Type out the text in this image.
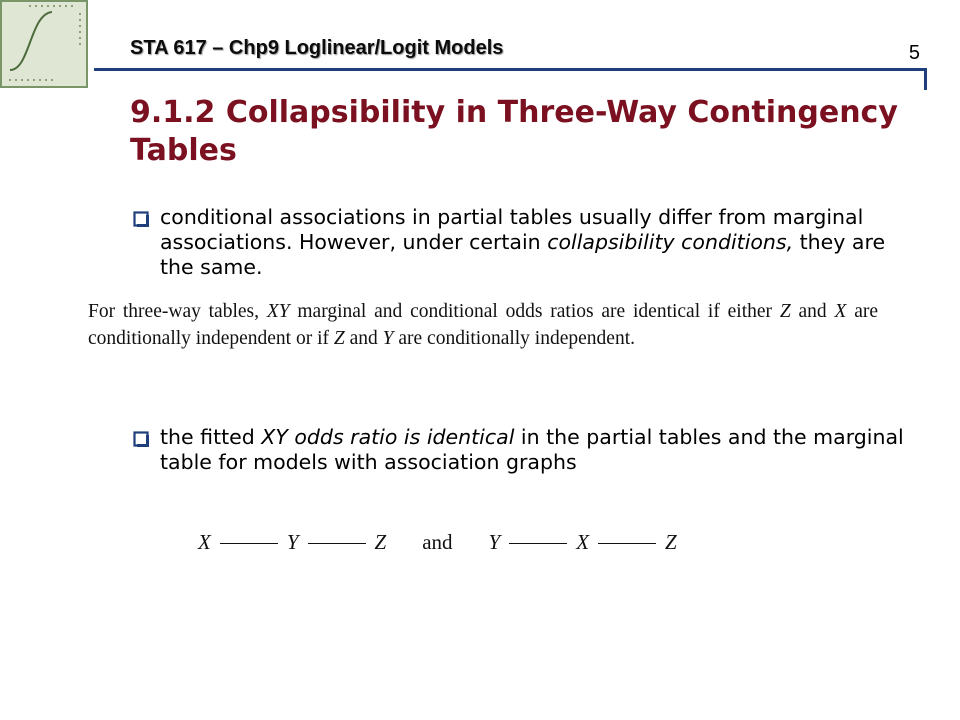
STA 617 – Chp9 Loglinear/Logit Models	5
9.1.2 Collapsibility in Three-Way Contingency Tables
conditional associations in partial tables usually differ from marginal associations. However, under certain collapsibility conditions, they are the same.
For three-way tables, XY marginal and conditional odds ratios are identical if either Z and X are conditionally independent or if Z and Y are conditionally independent.
the fitted XY odds ratio is identical in the partial tables and the marginal table for models with association graphs
X	Y	Z and Y	X	Z
